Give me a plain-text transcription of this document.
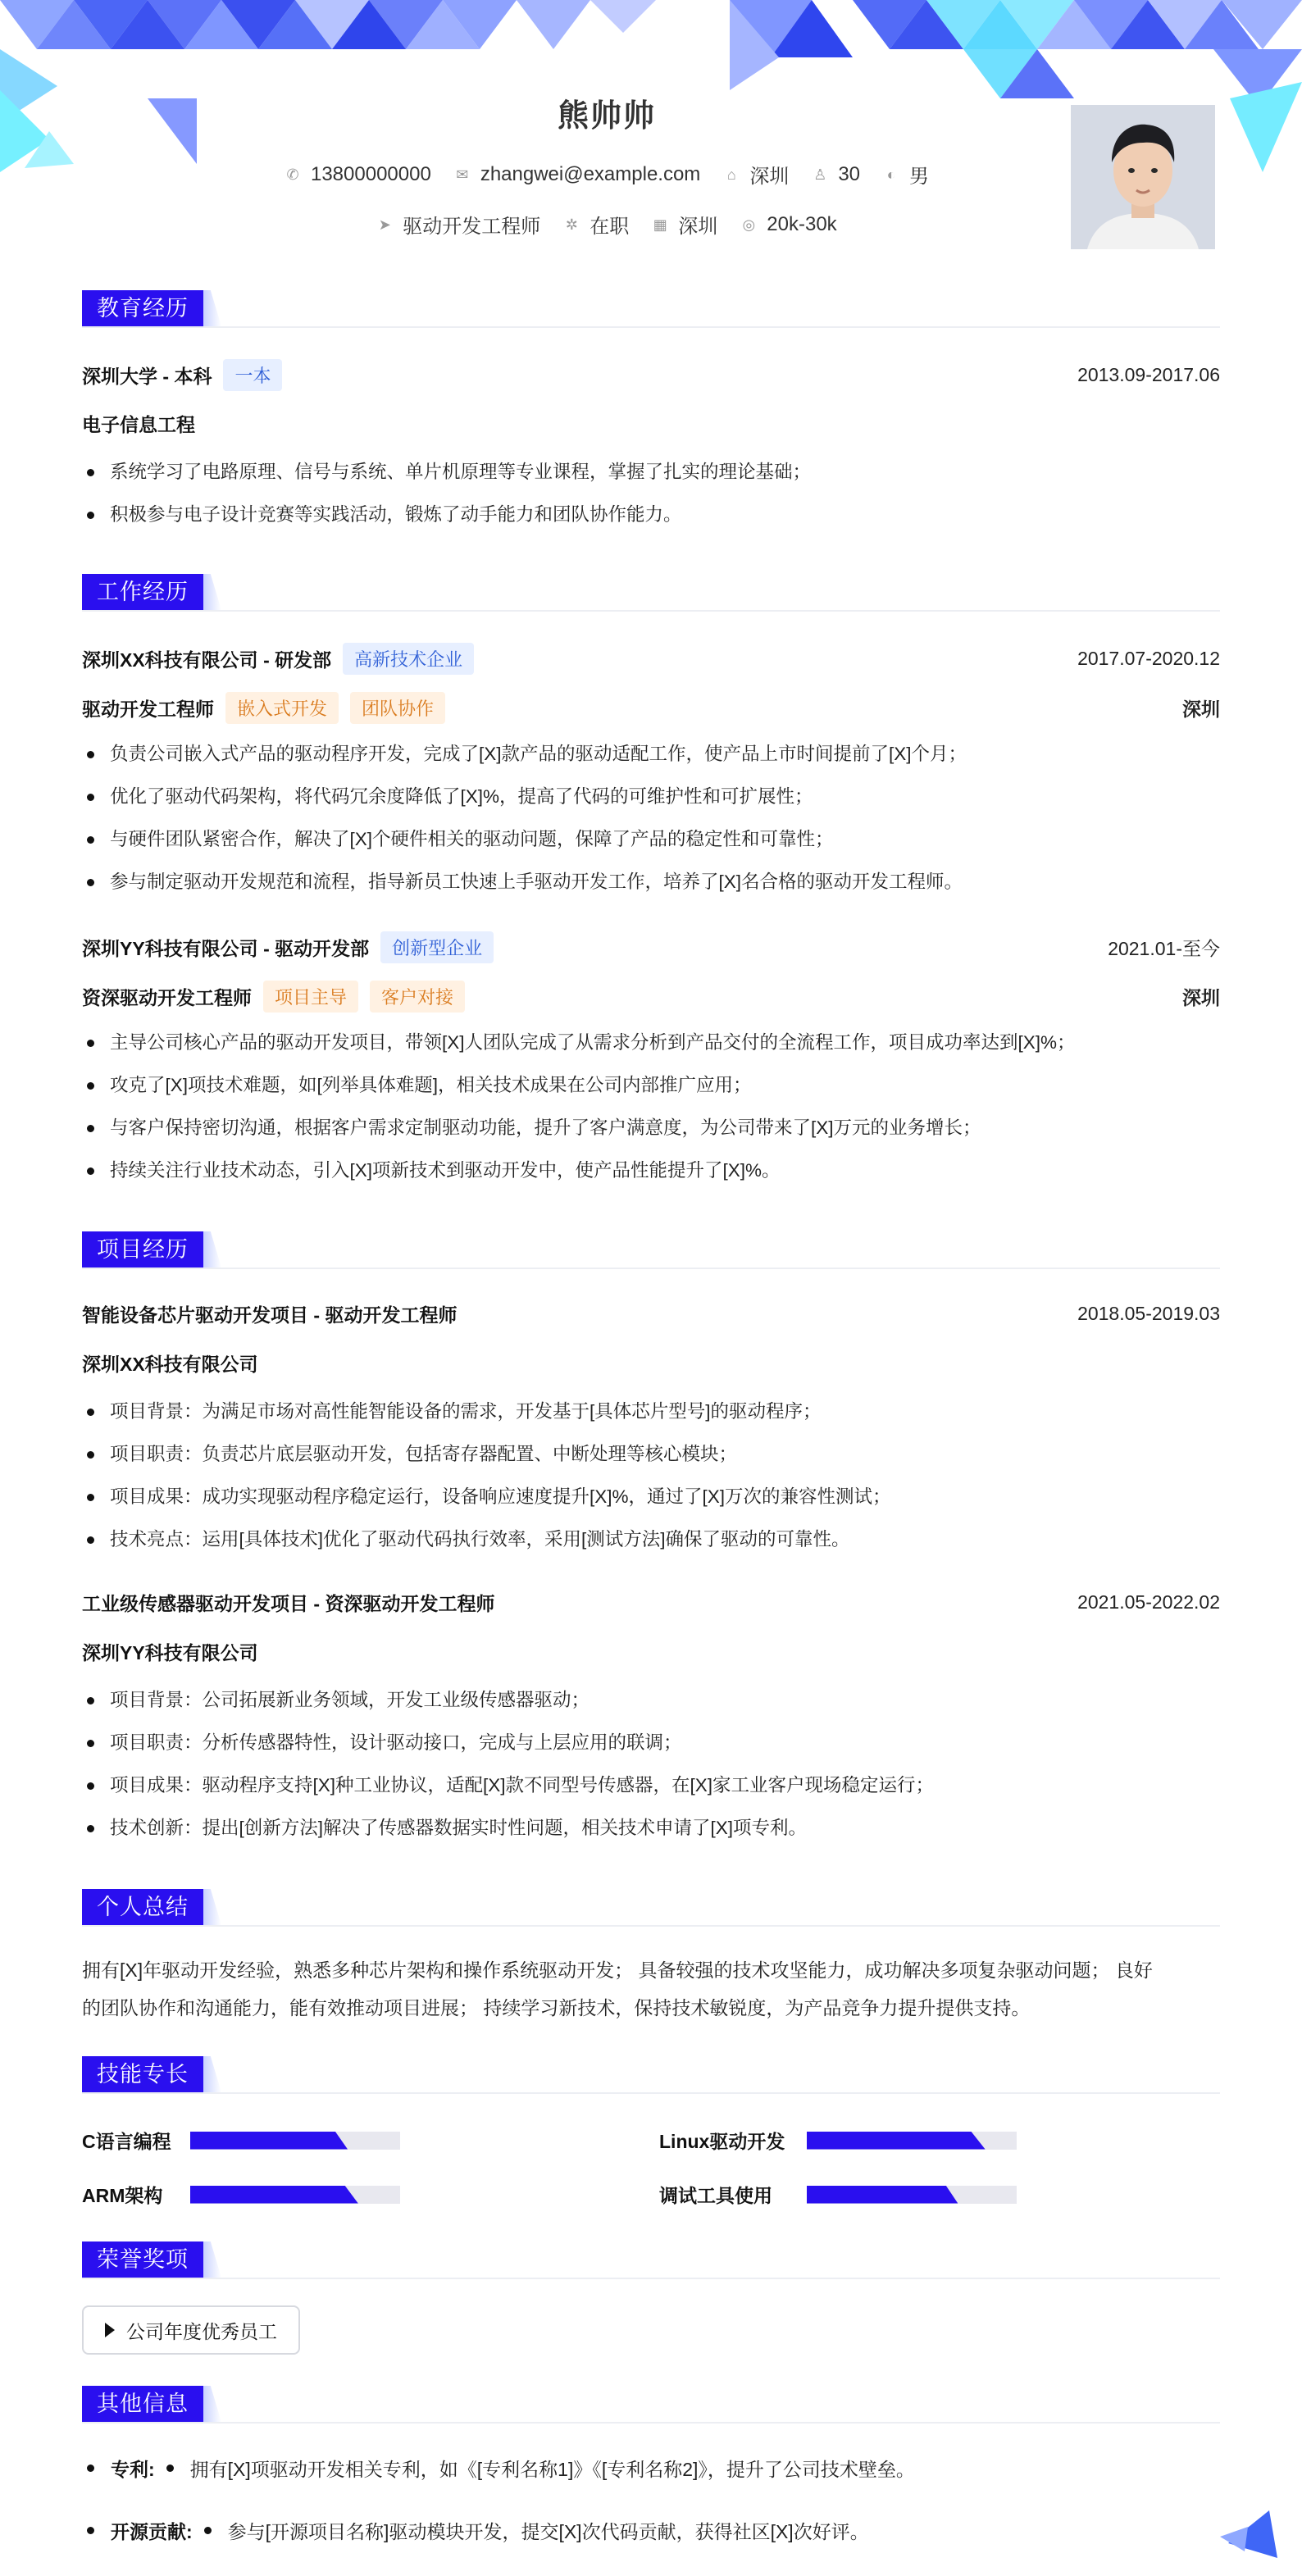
熊帅帅
✆ 13800000000 ✉ zhangwei@example.com ⌂ 深圳 ♙ 30 ◐ 男
➤ 驱动开发工程师 ✲ 在职 ▦ 深圳 ◎ 20k-30k
教育经历
深圳大学 - 本科	一本	2013.09-2017.06
电子信息工程
系统学习了电路原理、信号与系统、单片机原理等专业课程，掌握了扎实的理论基础；
积极参与电子设计竞赛等实践活动，锻炼了动手能力和团队协作能力。
工作经历
深圳XX科技有限公司 - 研发部	高新技术企业	2017.07-2020.12
驱动开发工程师	嵌入式开发	团队协作	深圳
负责公司嵌入式产品的驱动程序开发，完成了[X]款产品的驱动适配工作，使产品上市时间提前了[X]个月；
优化了驱动代码架构，将代码冗余度降低了[X]%，提高了代码的可维护性和可扩展性；
与硬件团队紧密合作，解决了[X]个硬件相关的驱动问题，保障了产品的稳定性和可靠性；
参与制定驱动开发规范和流程，指导新员工快速上手驱动开发工作，培养了[X]名合格的驱动开发工程师。
深圳YY科技有限公司 - 驱动开发部	创新型企业	2021.01-至今
资深驱动开发工程师	项目主导	客户对接	深圳
主导公司核心产品的驱动开发项目，带领[X]人团队完成了从需求分析到产品交付的全流程工作，项目成功率达到[X]%；
攻克了[X]项技术难题，如[列举具体难题]，相关技术成果在公司内部推广应用；
与客户保持密切沟通，根据客户需求定制驱动功能，提升了客户满意度，为公司带来了[X]万元的业务增长；
持续关注行业技术动态，引入[X]项新技术到驱动开发中，使产品性能提升了[X]%。
项目经历
智能设备芯片驱动开发项目 - 驱动开发工程师	2018.05-2019.03
深圳XX科技有限公司
项目背景：为满足市场对高性能智能设备的需求，开发基于[具体芯片型号]的驱动程序；
项目职责：负责芯片底层驱动开发，包括寄存器配置、中断处理等核心模块；
项目成果：成功实现驱动程序稳定运行，设备响应速度提升[X]%，通过了[X]万次的兼容性测试；
技术亮点：运用[具体技术]优化了驱动代码执行效率，采用[测试方法]确保了驱动的可靠性。
工业级传感器驱动开发项目 - 资深驱动开发工程师	2021.05-2022.02
深圳YY科技有限公司
项目背景：公司拓展新业务领域，开发工业级传感器驱动；
项目职责：分析传感器特性，设计驱动接口，完成与上层应用的联调；
项目成果：驱动程序支持[X]种工业协议，适配[X]款不同型号传感器，在[X]家工业客户现场稳定运行；
技术创新：提出[创新方法]解决了传感器数据实时性问题，相关技术申请了[X]项专利。
个人总结
拥有[X]年驱动开发经验，熟悉多种芯片架构和操作系统驱动开发； 具备较强的技术攻坚能力，成功解决多项复杂驱动问题； 良好
的团队协作和沟通能力，能有效推动项目进展； 持续学习新技术，保持技术敏锐度，为产品竞争力提升提供支持。
技能专长
C语言编程	Linux驱动开发
ARM架构	调试工具使用
荣誉奖项
公司年度优秀员工
其他信息
专利: 拥有[X]项驱动开发相关专利，如《[专利名称1]》《[专利名称2]》，提升了公司技术壁垒。
开源贡献: 参与[开源项目名称]驱动模块开发，提交[X]次代码贡献，获得社区[X]次好评。
